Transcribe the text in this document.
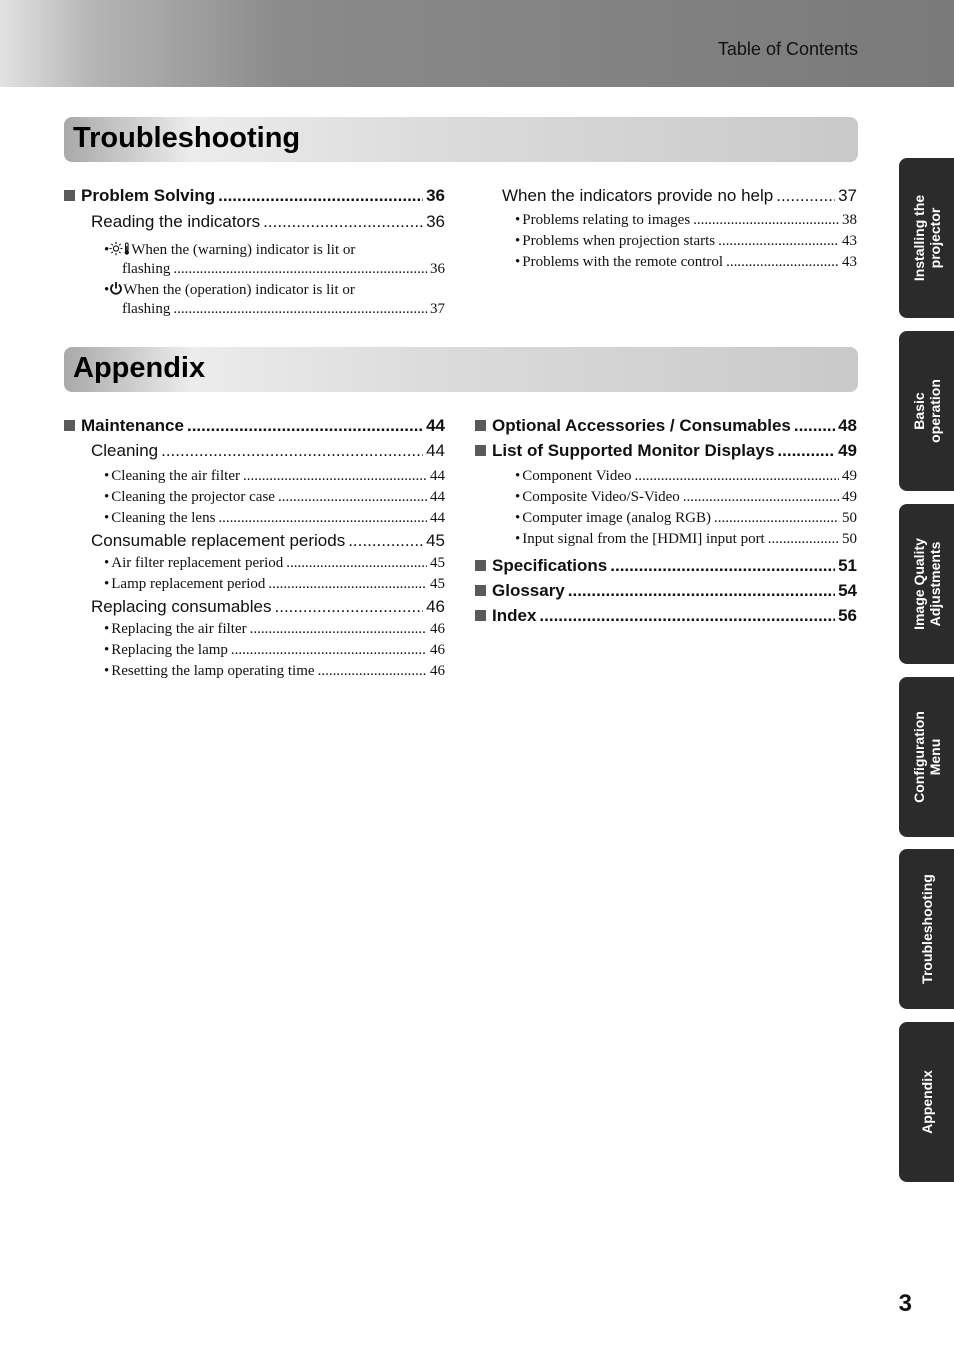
Table of Contents
Troubleshooting
Problem Solving .....	36
Reading the indicators .....	36
• When the (warning) indicator is lit or
flashing .....	36
• When the (operation) indicator is lit or
flashing .....	37
When the indicators provide no help .....	37
• Problems relating to images .....	38
• Problems when projection starts .....	43
• Problems with the remote control .....	43
Appendix
Maintenance .....	44
Cleaning .....	44
• Cleaning the air filter .....	44
• Cleaning the projector case .....	44
• Cleaning the lens .....	44
Consumable replacement periods .....	45
• Air filter replacement period .....	45
• Lamp replacement period .....	45
Replacing consumables .....	46
• Replacing the air filter .....	46
• Replacing the lamp .....	46
• Resetting the lamp operating time .....	46
Optional Accessories / Consumables .....	48
List of Supported Monitor Displays .....	49
• Component Video .....	49
• Composite Video/S-Video .....	49
• Computer image (analog RGB) .....	50
• Input signal from the [HDMI] input port .....	50
Specifications .....	51
Glossary .....	54
Index .....	56
Installing the
projector
Basic
operation
Image Quality
Adjustments
Configuration
Menu
Troubleshooting
Appendix
3
